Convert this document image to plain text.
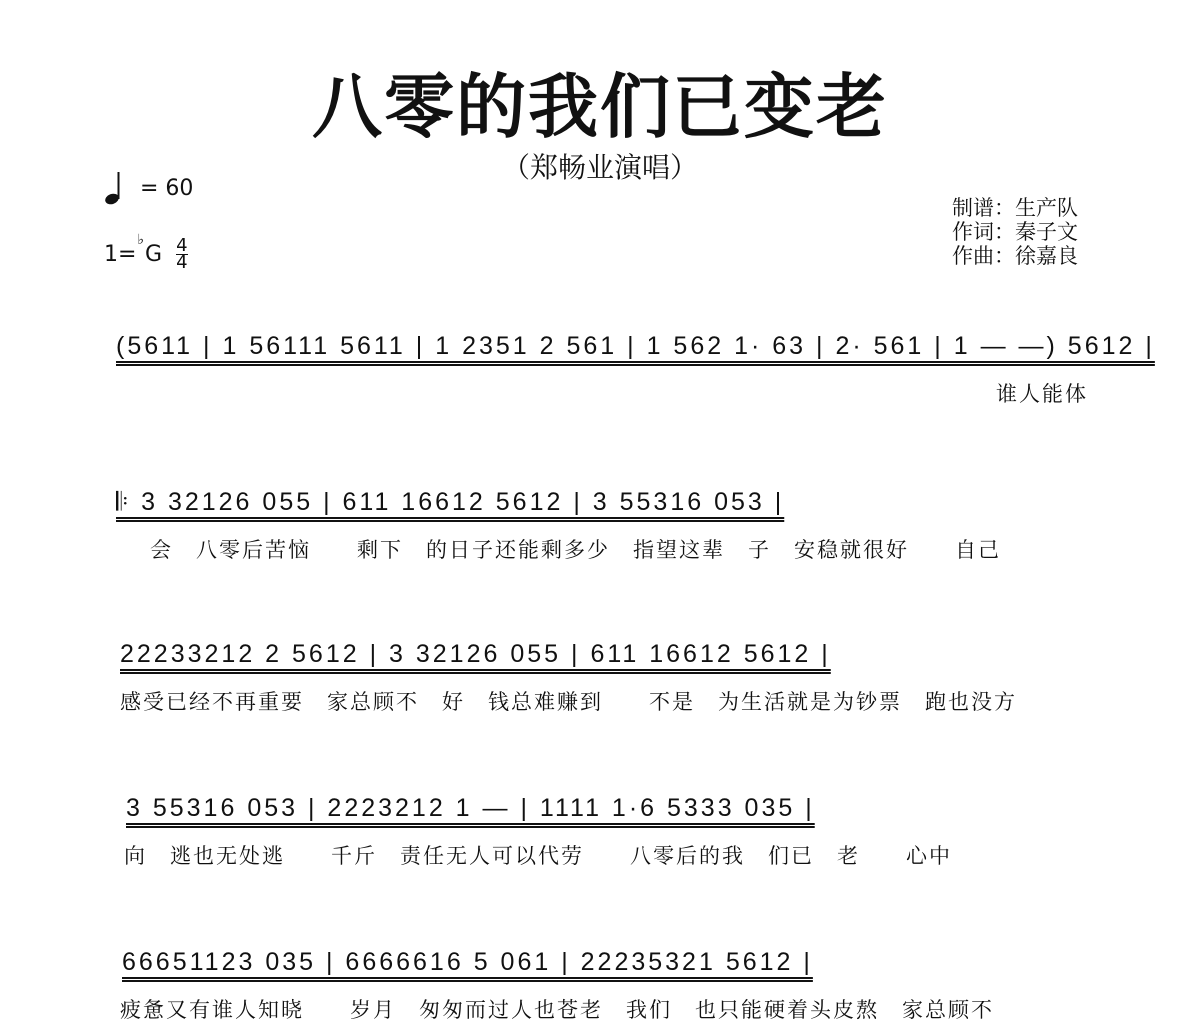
八零的我们已变老
（郑畅业演唱）
= 60
1=
♭
G $\frac{4}{4}$
制谱：生产队
作词：秦子文
作曲：徐嘉良
(5611 | 1 56111 5611 | 1 2351 2 561 | 1 562 1· 63 | 2· 561 | 1 — —) 5612 |
谁人能体
𝄆 3 32126 055 | 611 16612 5612 | 3 55316 053 |
会　八零后苦恼　　剩下　的日子还能剩多少　指望这辈　子　安稳就很好　　自己
22233212 2 5612 | 3 32126 055 | 611 16612 5612 |
感受已经不再重要　家总顾不　好　钱总难赚到　　不是　为生活就是为钞票　跑也没方
3 55316 053 | 2223212 1 — | 1111 1·6 5333 035 |
向　逃也无处逃　　千斤　责任无人可以代劳　　八零后的我　们已　老　　心中
66651123 035 | 6666616 5 061 | 22235321 5612 |
疲惫又有谁人知晓　　岁月　匆匆而过人也苍老　我们　也只能硬着头皮熬　家总顾不
